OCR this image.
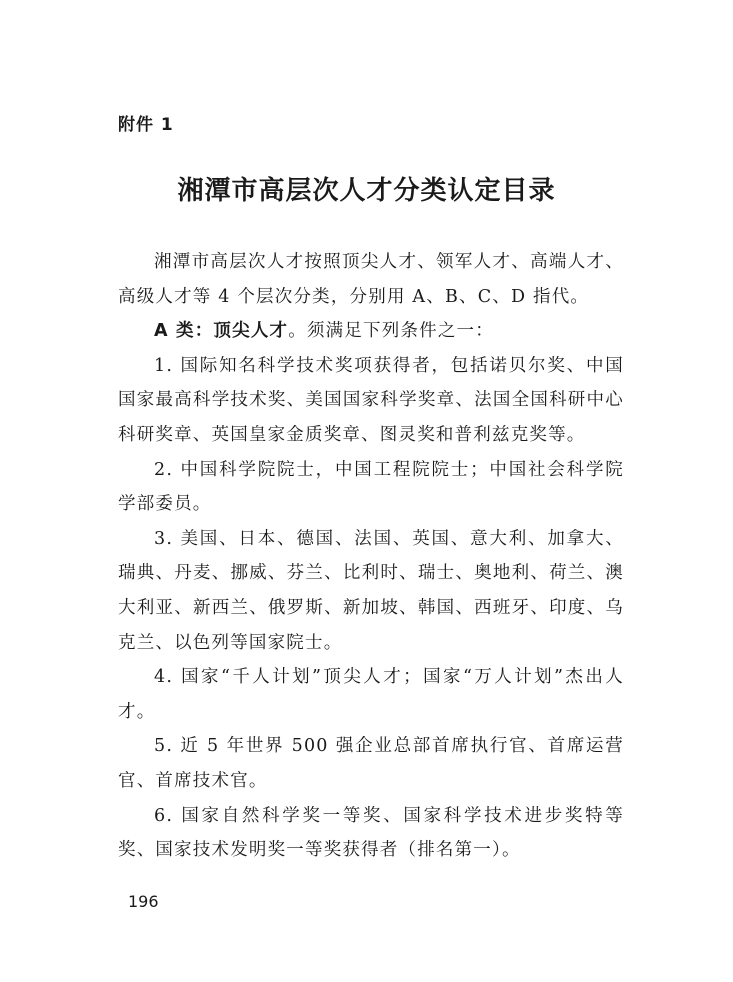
附件 1
湘潭市高层次人才分类认定目录

湘潭市高层次人才按照顶尖人才、领军人才、高端人才、高级人才等 4 个层次分类，分别用 A、B、C、D 指代。

A 类：顶尖人才。须满足下列条件之一：

1. 国际知名科学技术奖项获得者，包括诺贝尔奖、中国国家最高科学技术奖、美国国家科学奖章、法国全国科研中心科研奖章、英国皇家金质奖章、图灵奖和普利兹克奖等。

2. 中国科学院院士，中国工程院院士；中国社会科学院学部委员。

3. 美国、日本、德国、法国、英国、意大利、加拿大、瑞典、丹麦、挪威、芬兰、比利时、瑞士、奥地利、荷兰、澳大利亚、新西兰、俄罗斯、新加坡、韩国、西班牙、印度、乌克兰、以色列等国家院士。

4. 国家“千人计划”顶尖人才；国家“万人计划”杰出人才。

5. 近 5 年世界 500 强企业总部首席执行官、首席运营官、首席技术官。

6. 国家自然科学奖一等奖、国家科学技术进步奖特等奖、国家技术发明奖一等奖获得者（排名第一）。

196
